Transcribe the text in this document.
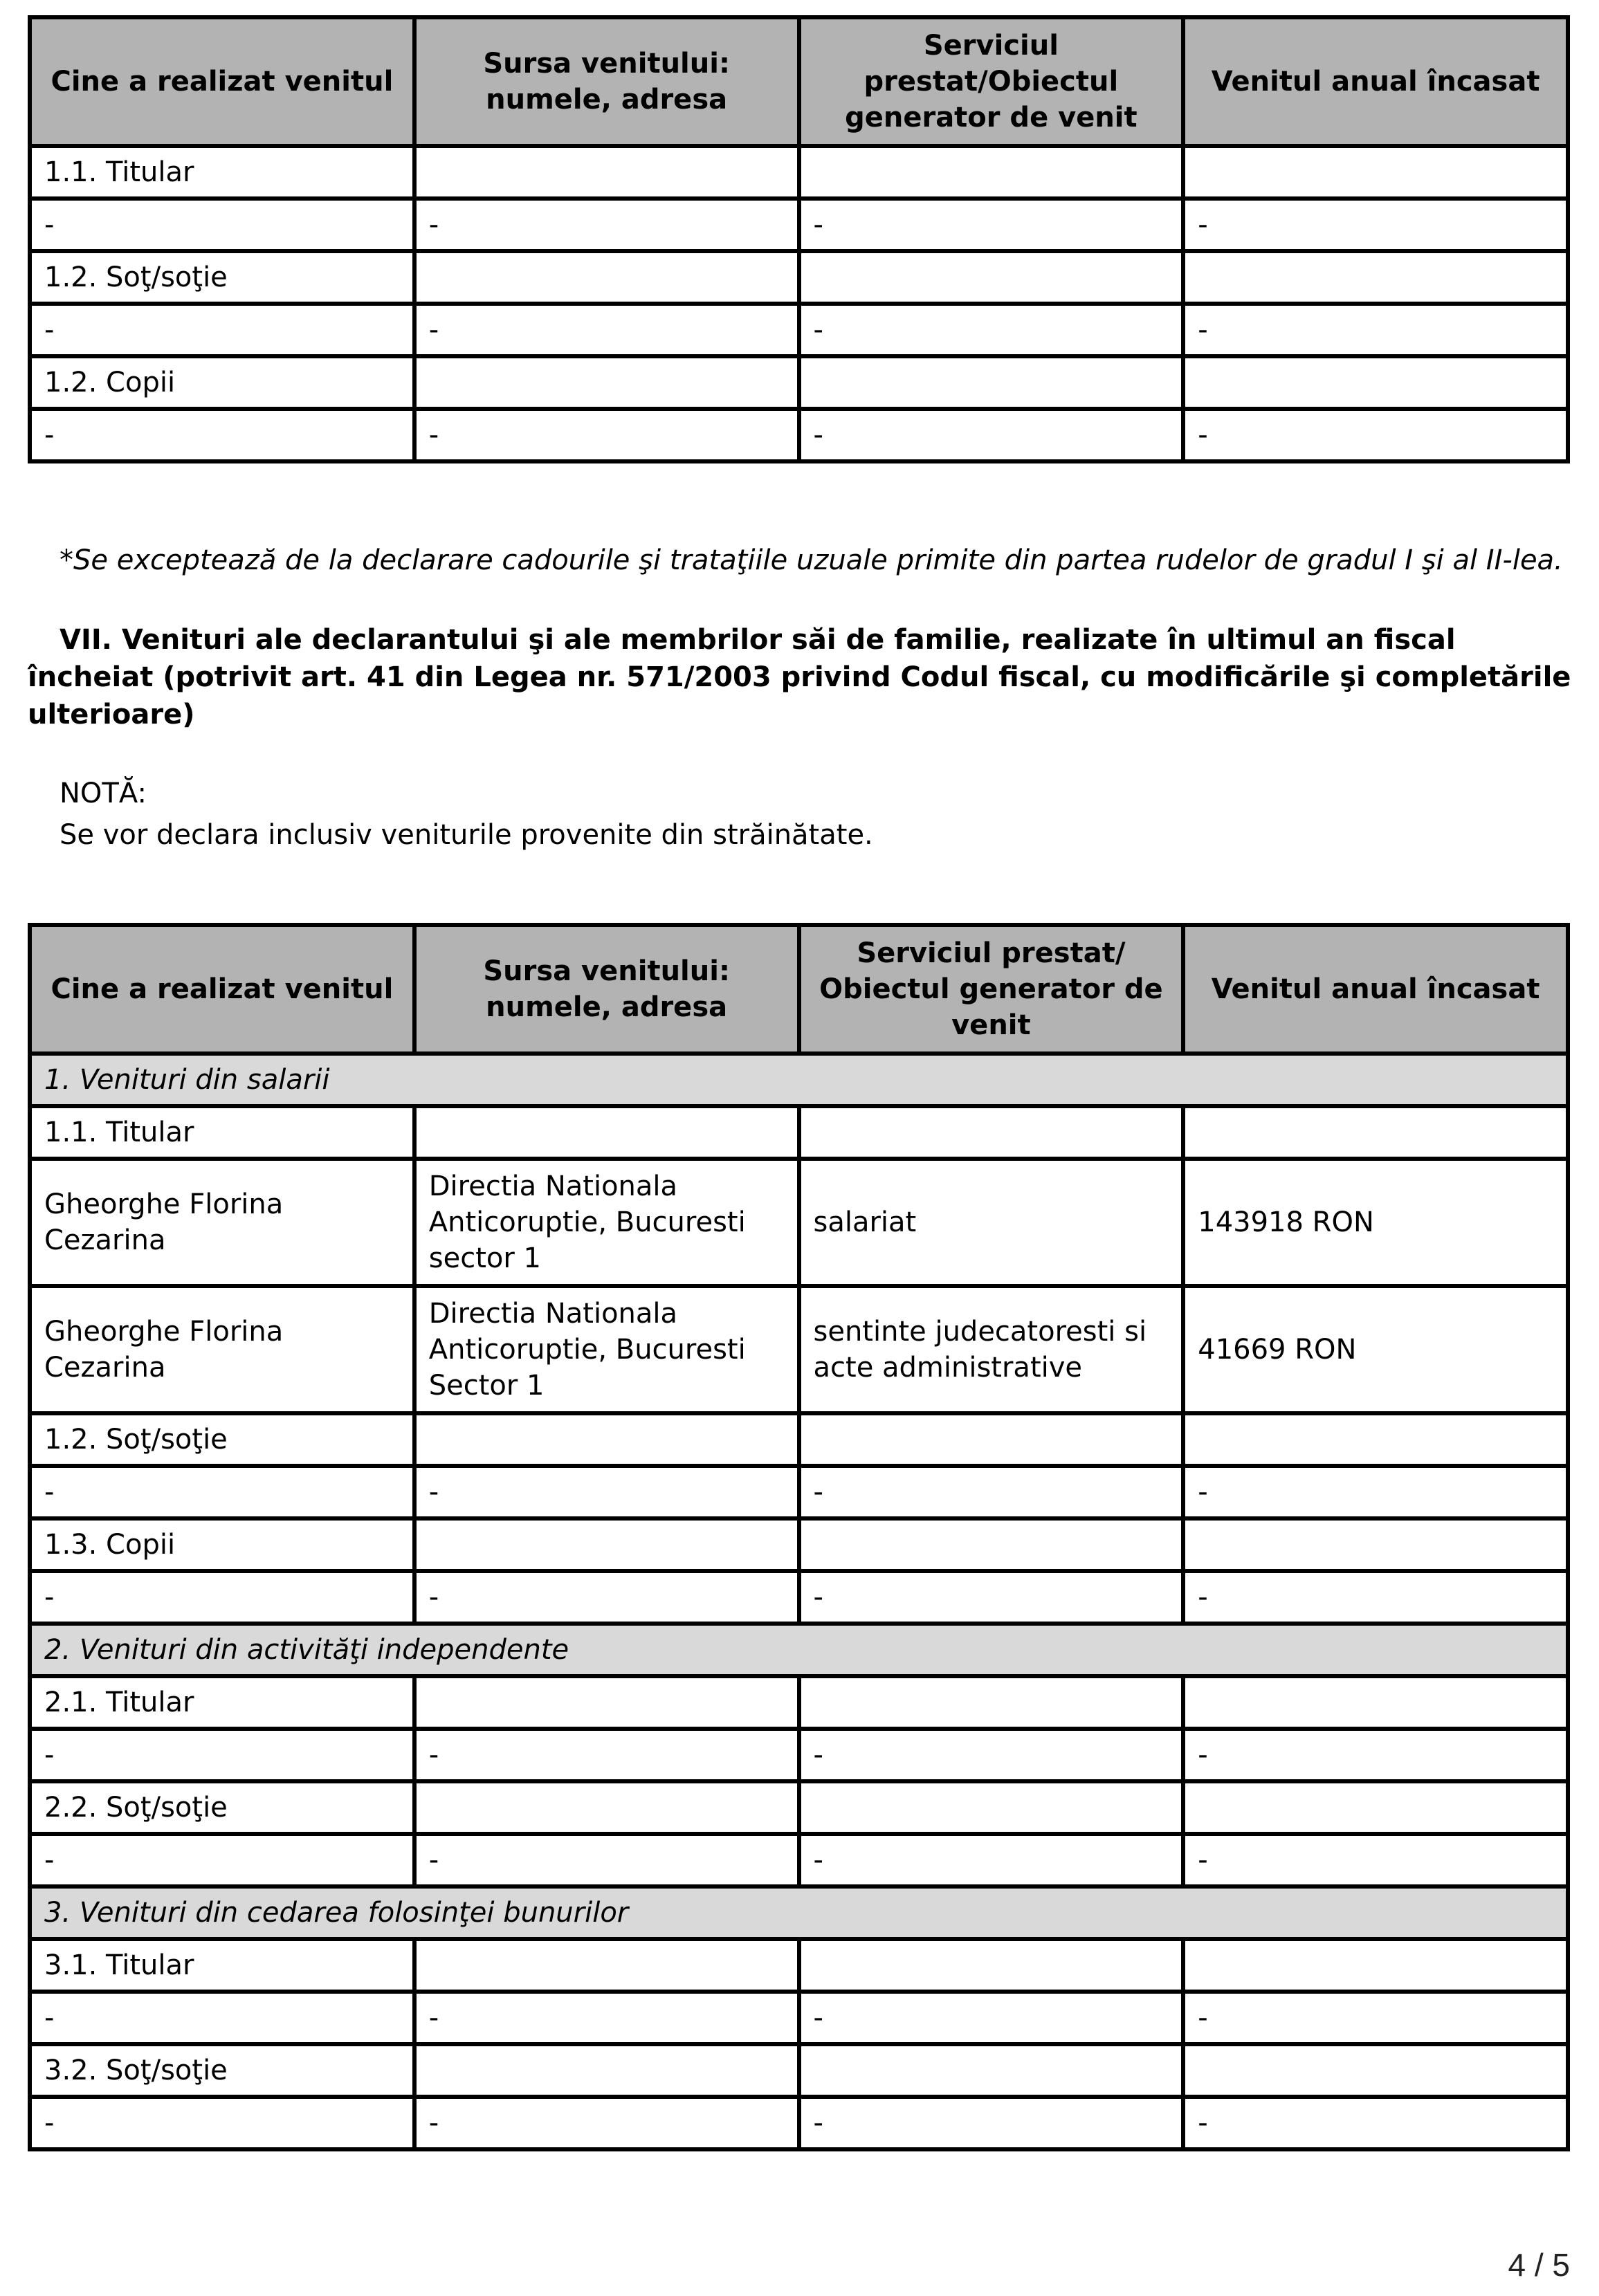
Cine a realizat venitul	Sursa venitului: numele, adresa	Serviciul prestat/Obiectul generator de venit	Venitul anual încasat
1.1. Titular			
-	-	-	-
1.2. Soţ/soţie			
-	-	-	-
1.2. Copii			
-	-	-	-
*Se exceptează de la declarare cadourile şi trataţiile uzuale primite din partea rudelor de gradul I şi al II-lea.
VII. Venituri ale declarantului şi ale membrilor săi de familie, realizate în ultimul an fiscal încheiat (potrivit art. 41 din Legea nr. 571/2003 privind Codul fiscal, cu modificările şi completările ulterioare)
NOTĂ:
Se vor declara inclusiv veniturile provenite din străinătate.
Cine a realizat venitul	Sursa venitului: numele, adresa	Serviciul prestat/ Obiectul generator de venit	Venitul anual încasat
1. Venituri din salarii			
1.1. Titular			
Gheorghe Florina Cezarina	Directia Nationala Anticoruptie, Bucuresti sector 1	salariat	143918 RON
Gheorghe Florina Cezarina	Directia Nationala Anticoruptie, Bucuresti Sector 1	sentinte judecatoresti si acte administrative	41669 RON
1.2. Soţ/soţie			
-	-	-	-
1.3. Copii			
-	-	-	-
2. Venituri din activităţi independente			
2.1. Titular			
-	-	-	-
2.2. Soţ/soţie			
-	-	-	-
3. Venituri din cedarea folosinţei bunurilor			
3.1. Titular			
-	-	-	-
3.2. Soţ/soţie			
-	-	-	-
4 / 5
